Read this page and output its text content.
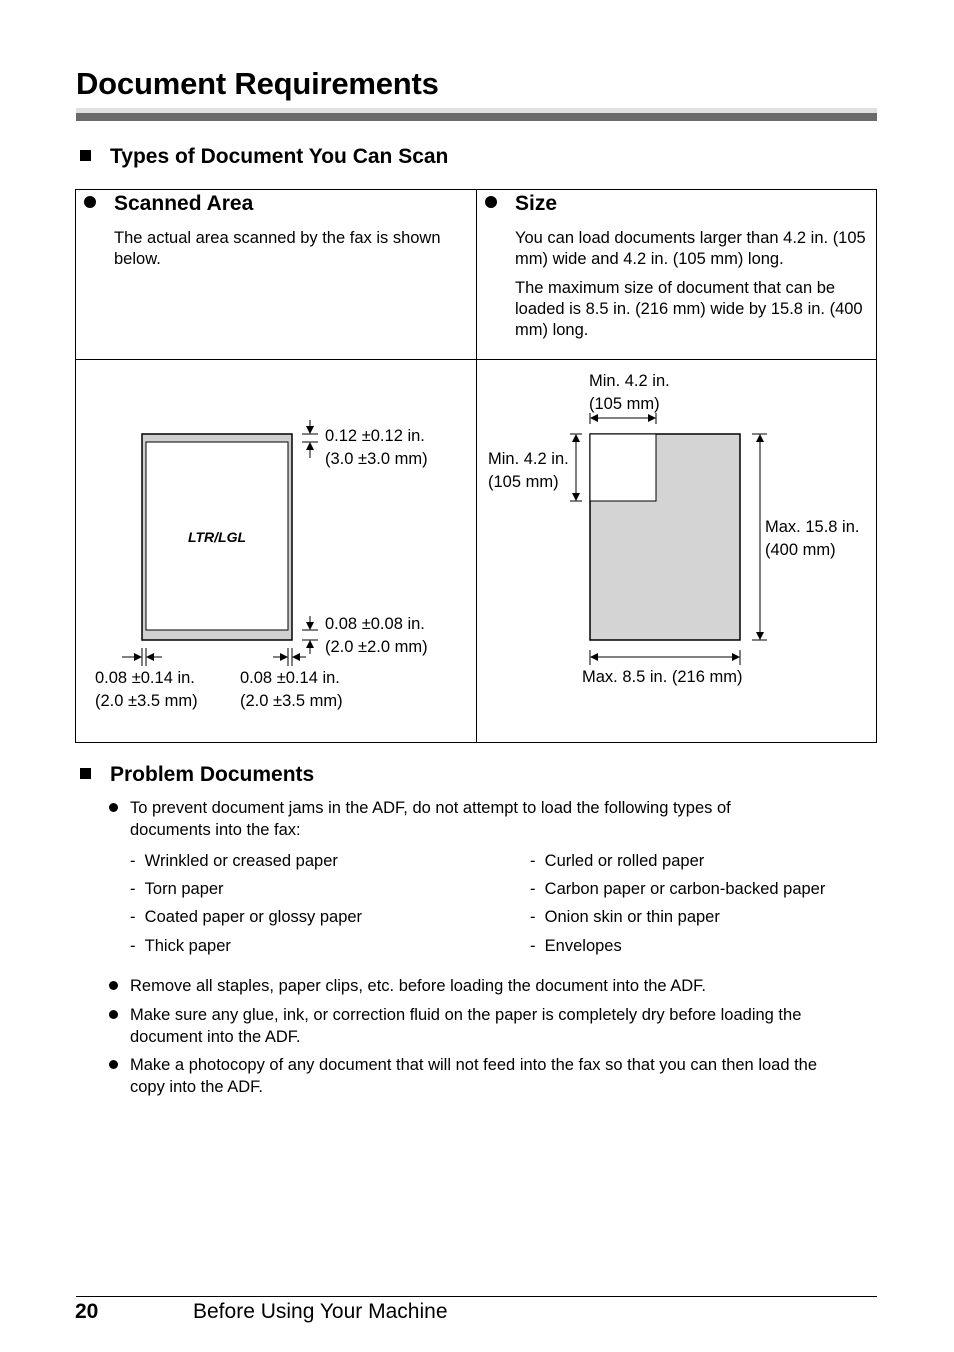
Document Requirements
Types of Document You Can Scan
Scanned Area
The actual area scanned by the fax is shown below.
Size
You can load documents larger than 4.2 in. (105 mm) wide and 4.2 in. (105 mm) long.
The maximum size of document that can be loaded is 8.5 in. (216 mm) wide by 15.8 in. (400 mm) long.
LTR/LGL
0.12 ±0.12 in.
(3.0 ±3.0 mm)
0.08 ±0.08 in.
(2.0 ±2.0 mm)
0.08 ±0.14 in.
(2.0 ±3.5 mm)
0.08 ±0.14 in.
(2.0 ±3.5 mm)
Min. 4.2 in.
(105 mm)
Min. 4.2 in.
(105 mm)
Max. 15.8 in.
(400 mm)
Max. 8.5 in. (216 mm)
Problem Documents
To prevent document jams in the ADF, do not attempt to load the following types of
documents into the fax:
-  Wrinkled or creased paper
-  Torn paper
-  Coated paper or glossy paper
-  Thick paper
-  Curled or rolled paper
-  Carbon paper or carbon-backed paper
-  Onion skin or thin paper
-  Envelopes
Remove all staples, paper clips, etc. before loading the document into the ADF.
Make sure any glue, ink, or correction fluid on the paper is completely dry before loading the
document into the ADF.
Make a photocopy of any document that will not feed into the fax so that you can then load the
copy into the ADF.
20	Before Using Your Machine
